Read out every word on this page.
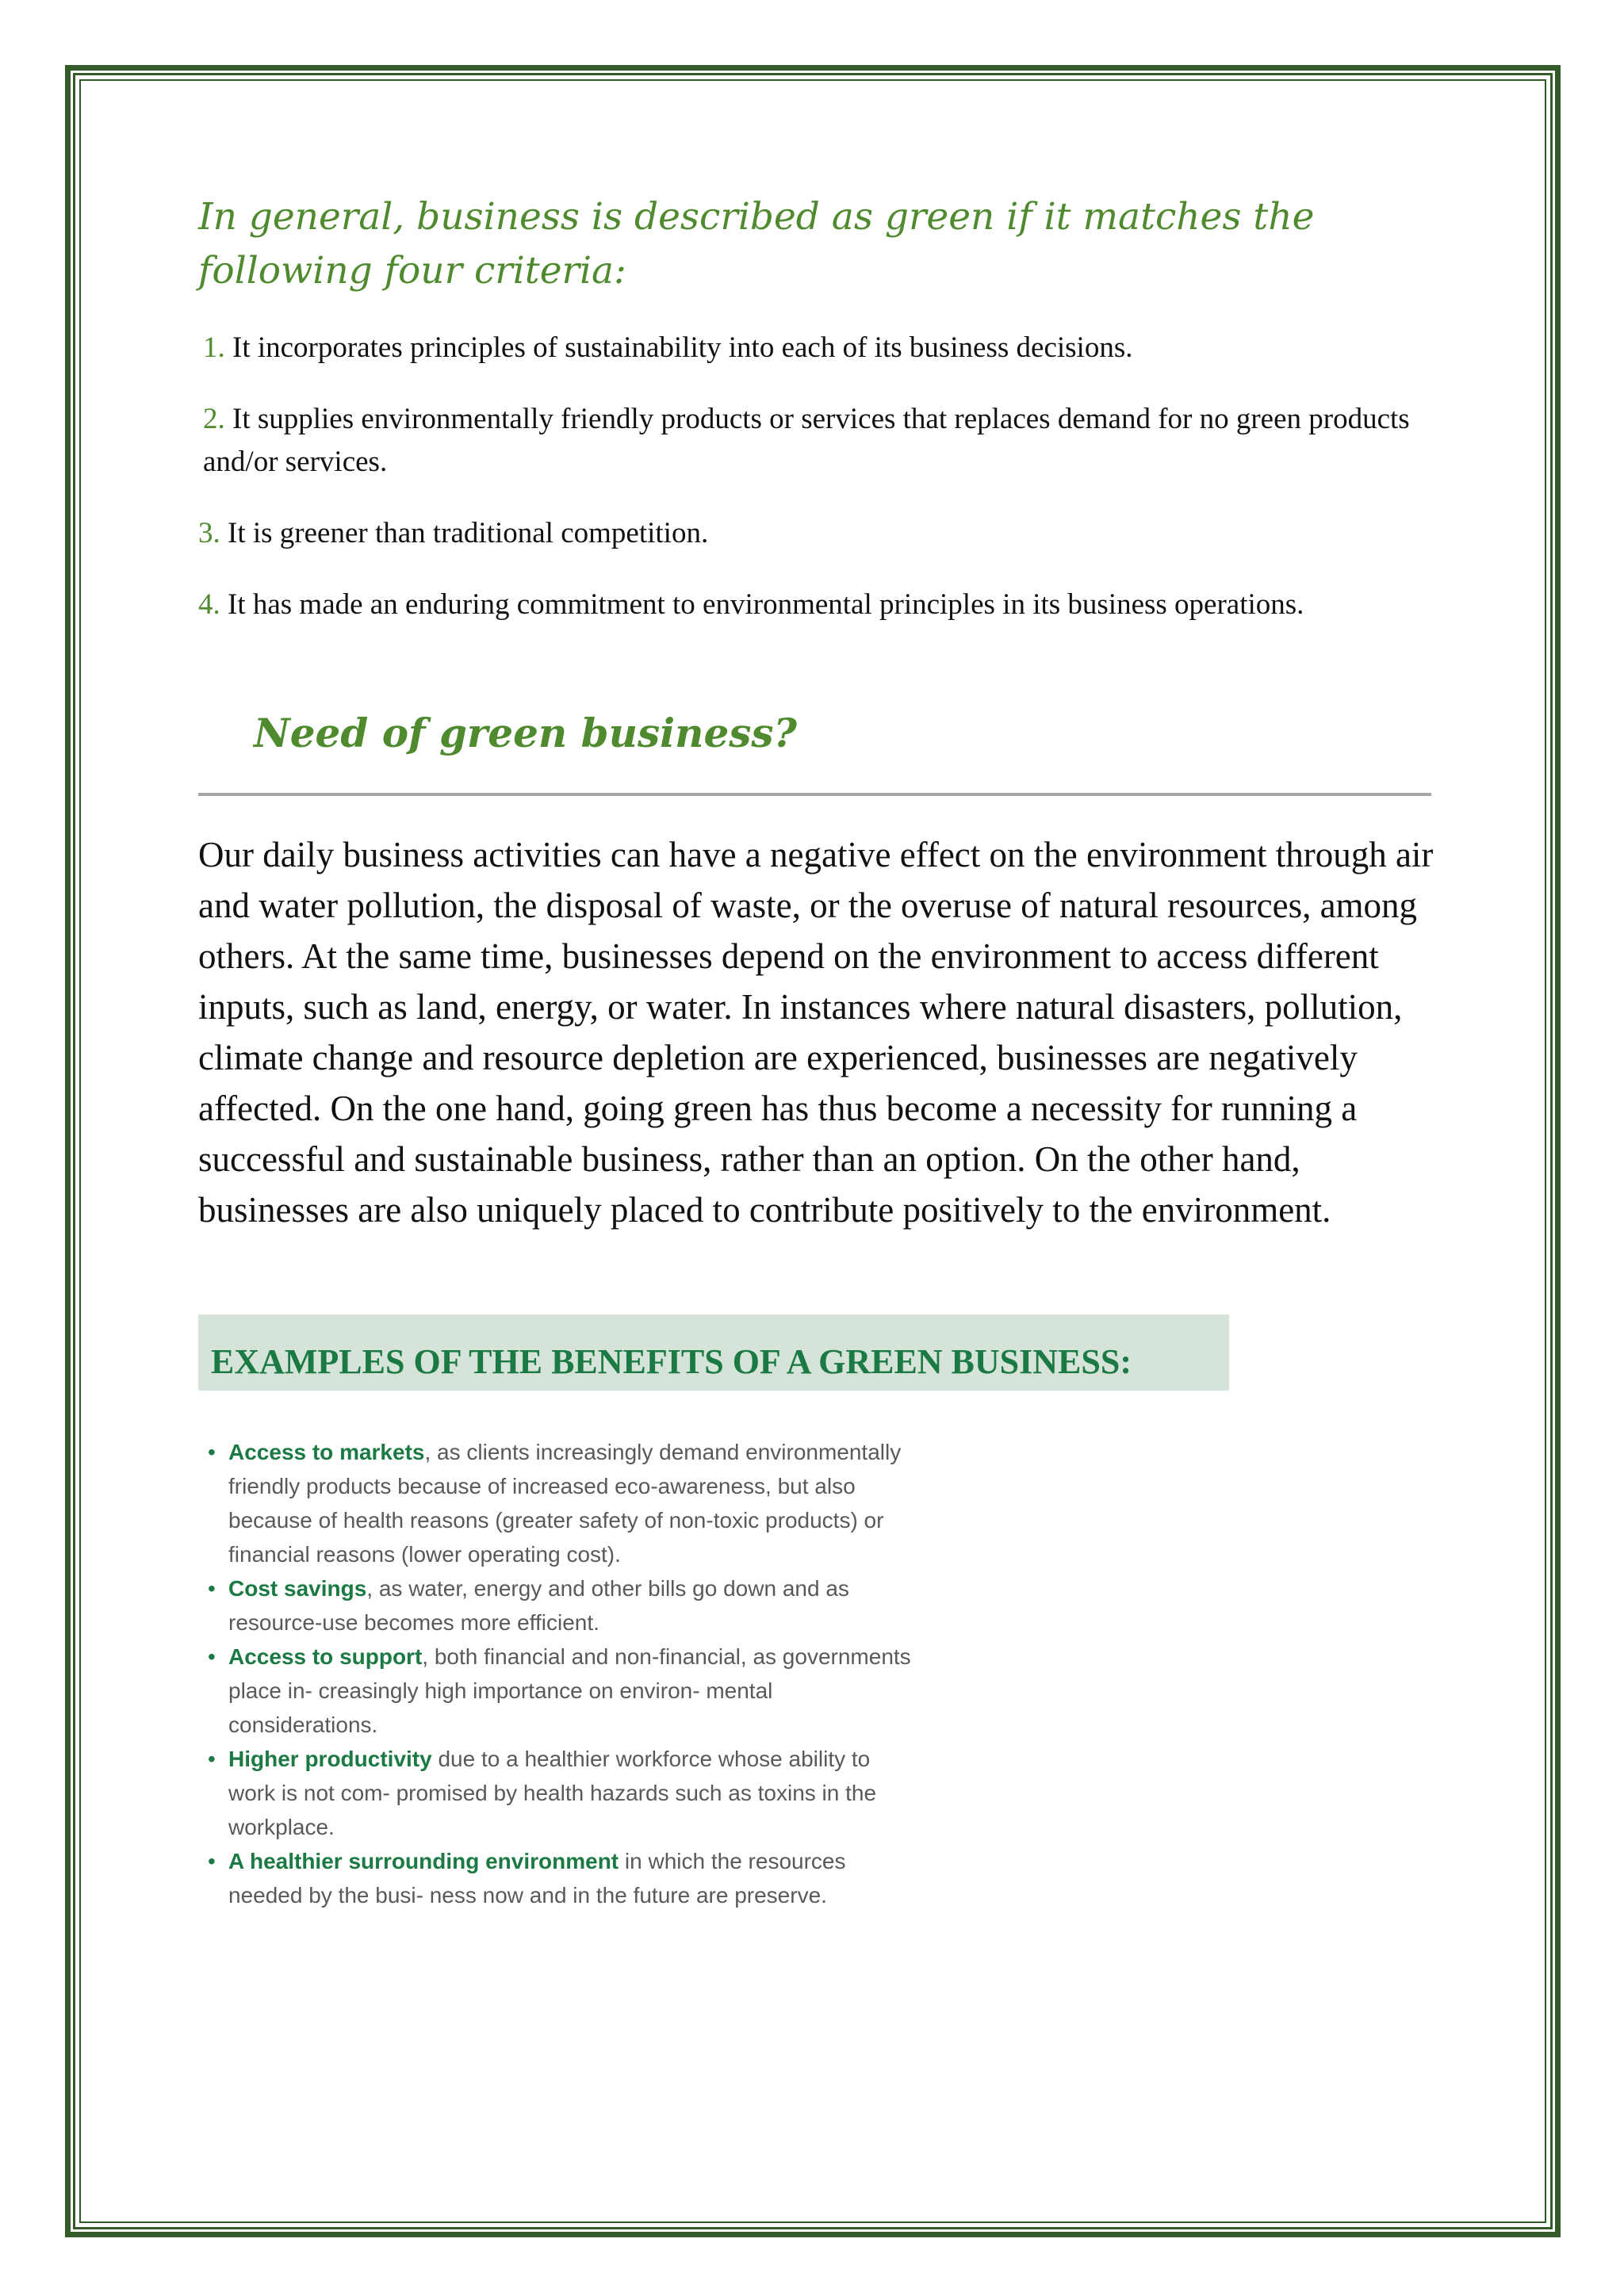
In general, business is described as green if it matches the following four criteria:

1. It incorporates principles of sustainability into each of its business decisions.

2. It supplies environmentally friendly products or services that replaces demand for no green products and/or services.

3. It is greener than traditional competition.

4. It has made an enduring commitment to environmental principles in its business operations.

Need of green business?

Our daily business activities can have a negative effect on the environment through air and water pollution, the disposal of waste, or the overuse of natural resources, among others. At the same time, businesses depend on the environment to access different inputs, such as land, energy, or water. In instances where natural disasters, pollution, climate change and resource depletion are experienced, businesses are negatively affected. On the one hand, going green has thus become a necessity for running a successful and sustainable business, rather than an option. On the other hand, businesses are also uniquely placed to contribute positively to the environment.

EXAMPLES OF THE BENEFITS OF A GREEN BUSINESS:
• Access to markets, as clients increasingly demand environmentally friendly products because of increased eco-awareness, but also because of health reasons (greater safety of non-toxic products) or financial reasons (lower operating cost).
• Cost savings, as water, energy and other bills go down and as resource-use becomes more efficient.
• Access to support, both financial and non-financial, as governments place in- creasingly high importance on environ- mental considerations.
• Higher productivity due to a healthier workforce whose ability to work is not com- promised by health hazards such as toxins in the workplace.
• A healthier surrounding environment in which the resources needed by the busi- ness now and in the future are preserve.
